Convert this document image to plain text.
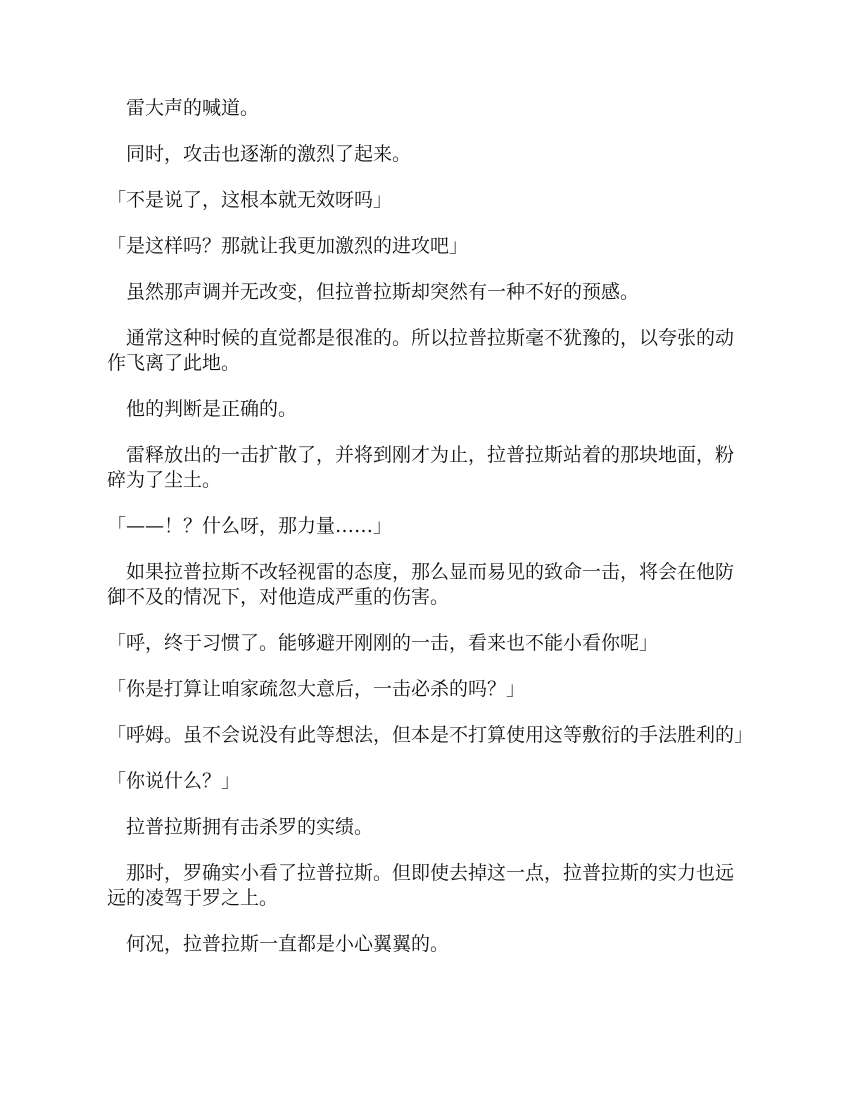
　雷大声的喊道。

　同时，攻击也逐渐的激烈了起来。

「不是说了，这根本就无效呀吗」

「是这样吗？那就让我更加激烈的进攻吧」

　虽然那声调并无改变，但拉普拉斯却突然有一种不好的预感。

　通常这种时候的直觉都是很准的。所以拉普拉斯毫不犹豫的，以夸张的动作飞离了此地。

　他的判断是正确的。

　雷释放出的一击扩散了，并将到刚才为止，拉普拉斯站着的那块地面，粉碎为了尘土。

「——！？什么呀，那力量……」

　如果拉普拉斯不改轻视雷的态度，那么显而易见的致命一击，将会在他防御不及的情况下，对他造成严重的伤害。

「呼，终于习惯了。能够避开刚刚的一击，看来也不能小看你呢」

「你是打算让咱家疏忽大意后，一击必杀的吗？」

「呼姆。虽不会说没有此等想法，但本是不打算使用这等敷衍的手法胜利的」

「你说什么？」

　拉普拉斯拥有击杀罗的实绩。

　那时，罗确实小看了拉普拉斯。但即使去掉这一点，拉普拉斯的实力也远远的凌驾于罗之上。

　何况，拉普拉斯一直都是小心翼翼的。
